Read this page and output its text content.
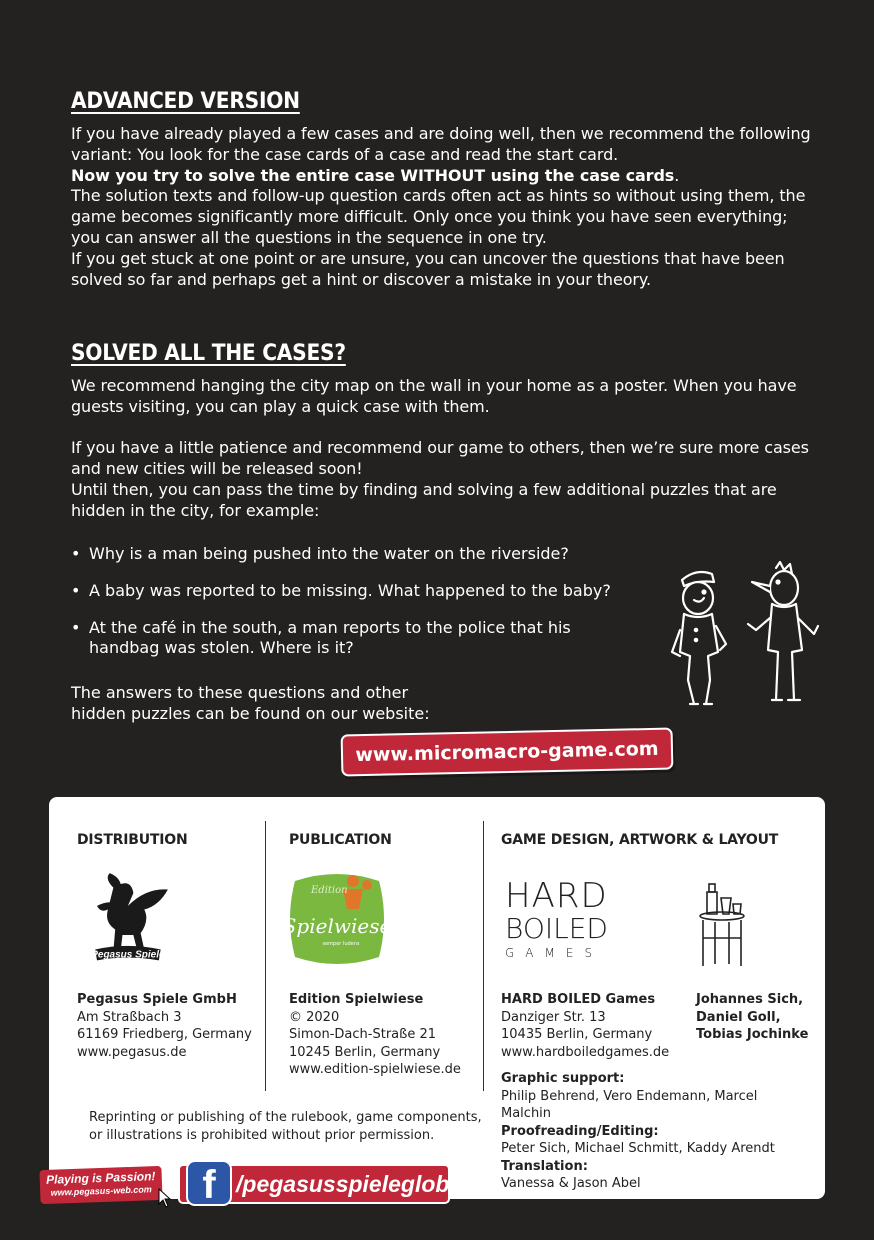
ADVANCED VERSION

If you have already played a few cases and are doing well, then we recommend the following variant: You look for the case cards of a case and read the start card.
Now you try to solve the entire case WITHOUT using the case cards.
The solution texts and follow-up question cards often act as hints so without using them, the game becomes significantly more difficult. Only once you think you have seen everything; you can answer all the questions in the sequence in one try.
If you get stuck at one point or are unsure, you can uncover the questions that have been solved so far and perhaps get a hint or discover a mistake in your theory.

SOLVED ALL THE CASES?

We recommend hanging the city map on the wall in your home as a poster. When you have guests visiting, you can play a quick case with them.

If you have a little patience and recommend our game to others, then we’re sure more cases and new cities will be released soon!
Until then, you can pass the time by finding and solving a few additional puzzles that are hidden in the city, for example:

• Why is a man being pushed into the water on the riverside?
• A baby was reported to be missing. What happened to the baby?
• At the café in the south, a man reports to the police that his handbag was stolen. Where is it?
The answers to these questions and other
hidden puzzles can be found on our website:
www.micromacro-game.com
DISTRIBUTION
Pegasus Spiele
Pegasus Spiele GmbH
Am Straßbach 3
61169 Friedberg, Germany
www.pegasus.de
PUBLICATION
Edition
Spielwiese
semper ludens
Edition Spielwiese
© 2020
Simon-Dach-Straße 21
10245 Berlin, Germany
www.edition-spielwiese.de
GAME DESIGN, ARTWORK & LAYOUT
HARD
BOILED
GAMES
HARD BOILED Games
Danziger Str. 13
10435 Berlin, Germany
www.hardboiledgames.de
Johannes Sich,
Daniel Goll,
Tobias Jochinke
Graphic support:
Philip Behrend, Vero Endemann, Marcel Malchin
Proofreading/Editing:
Peter Sich, Michael Schmitt, Kaddy Arendt
Translation:
Vanessa & Jason Abel
Reprinting or publishing of the rulebook, game components,
or illustrations is prohibited without prior permission.
Playing is Passion!
www.pegasus-web.com	/pegasusspieleglobal
f
